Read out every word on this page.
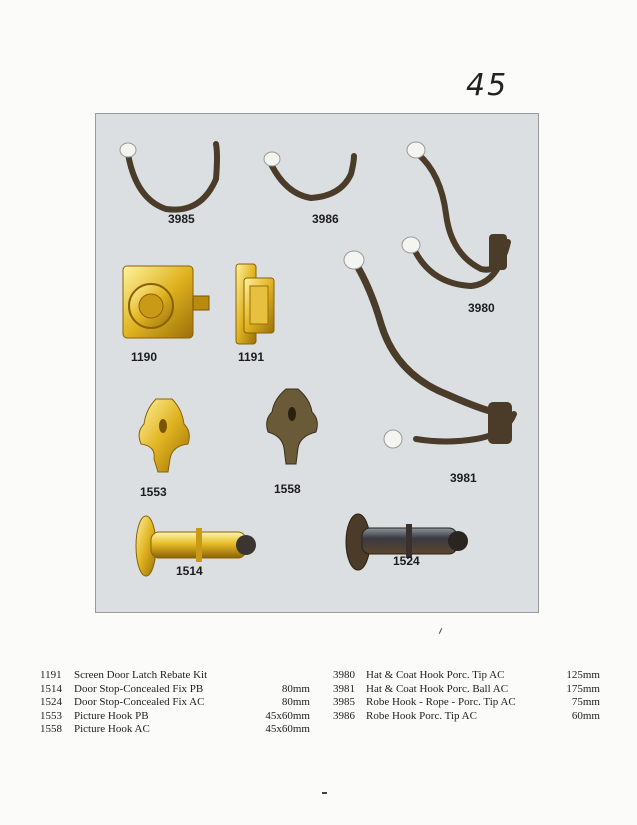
45
3985	3986
3980
1190	1191
3981
1553	1558
1514
1524
1191 Screen Door Latch Rebate Kit
1514 Door Stop-Concealed Fix PB	80mm
1524 Door Stop-Concealed Fix AC	80mm
1553 Picture Hook PB	45x60mm
1558 Picture Hook AC	45x60mm
3980 Hat & Coat Hook Porc. Tip AC	125mm
3981 Hat & Coat Hook Porc. Ball AC	175mm
3985 Robe Hook - Rope - Porc. Tip AC	75mm
3986 Robe Hook Porc. Tip AC	60mm
